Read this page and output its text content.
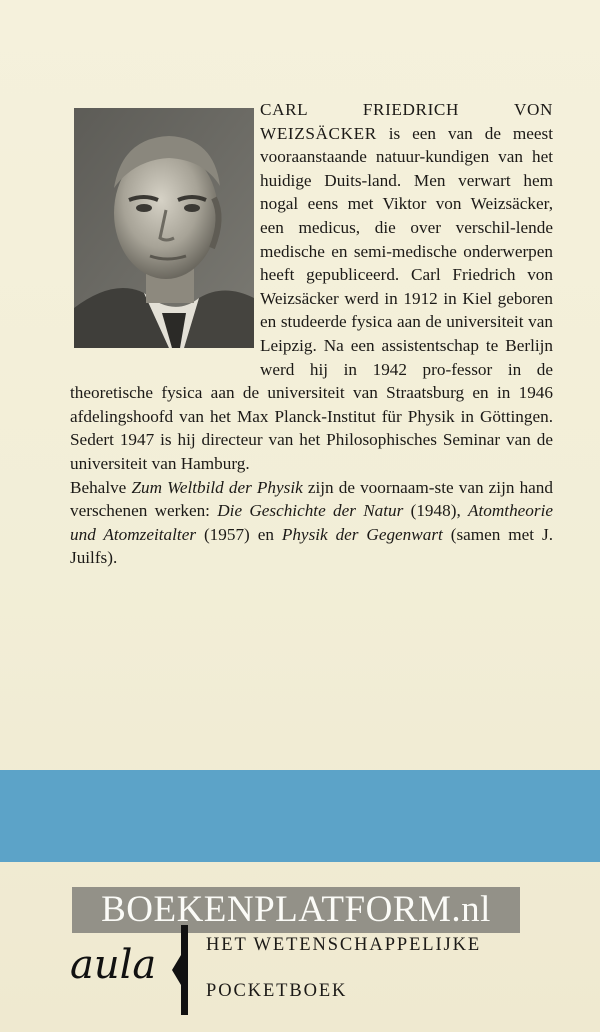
CARL FRIEDRICH VON WEIZSÄCKER is een van de meest vooraanstaande natuur-kundigen van het huidige Duits-land. Men verwart hem nogal eens met Viktor von Weizsäcker, een medicus, die over verschil-lende medische en semi-medische onderwerpen heeft gepubliceerd. Carl Friedrich von Weizsäcker werd in 1912 in Kiel geboren en studeerde fysica aan de universiteit van Leipzig. Na een assistentschap te Berlijn werd hij in 1942 pro-fessor in de theoretische fysica aan de universiteit van Straatsburg en in 1946 afdelingshoofd van het Max Planck-Institut für Physik in Göttingen. Sedert 1947 is hij directeur van het Philosophisches Seminar van de universiteit van Hamburg.

Behalve Zum Weltbild der Physik zijn de voornaam-ste van zijn hand verschenen werken: Die Geschichte der Natur (1948), Atomtheorie und Atomzeitalter (1957) en Physik der Gegenwart (samen met J. Juilfs).

BOEKENPLATFORM.nl
aula	HET WETENSCHAPPELIJKE
POCKETBOEK
